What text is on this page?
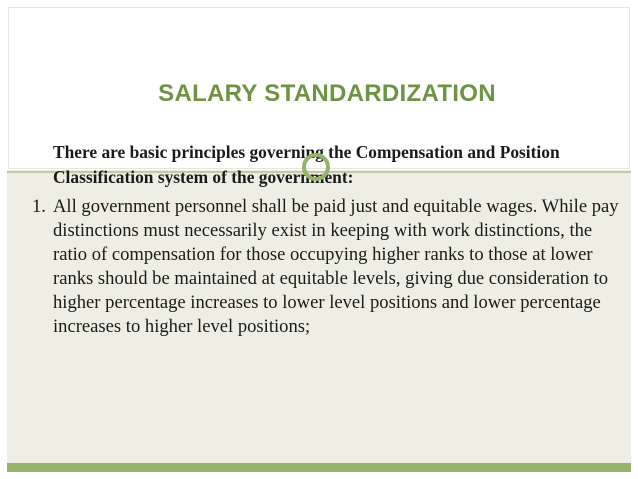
SALARY STANDARDIZATION

There are basic principles governing the Compensation and Position Classification system of the government:

1. All government personnel shall be paid just and equitable wages. While pay distinctions must necessarily exist in keeping with work distinctions, the ratio of compensation for those occupying higher ranks to those at lower ranks should be maintained at equitable levels, giving due consideration to higher percentage increases to lower level positions and lower percentage increases to higher level positions;
